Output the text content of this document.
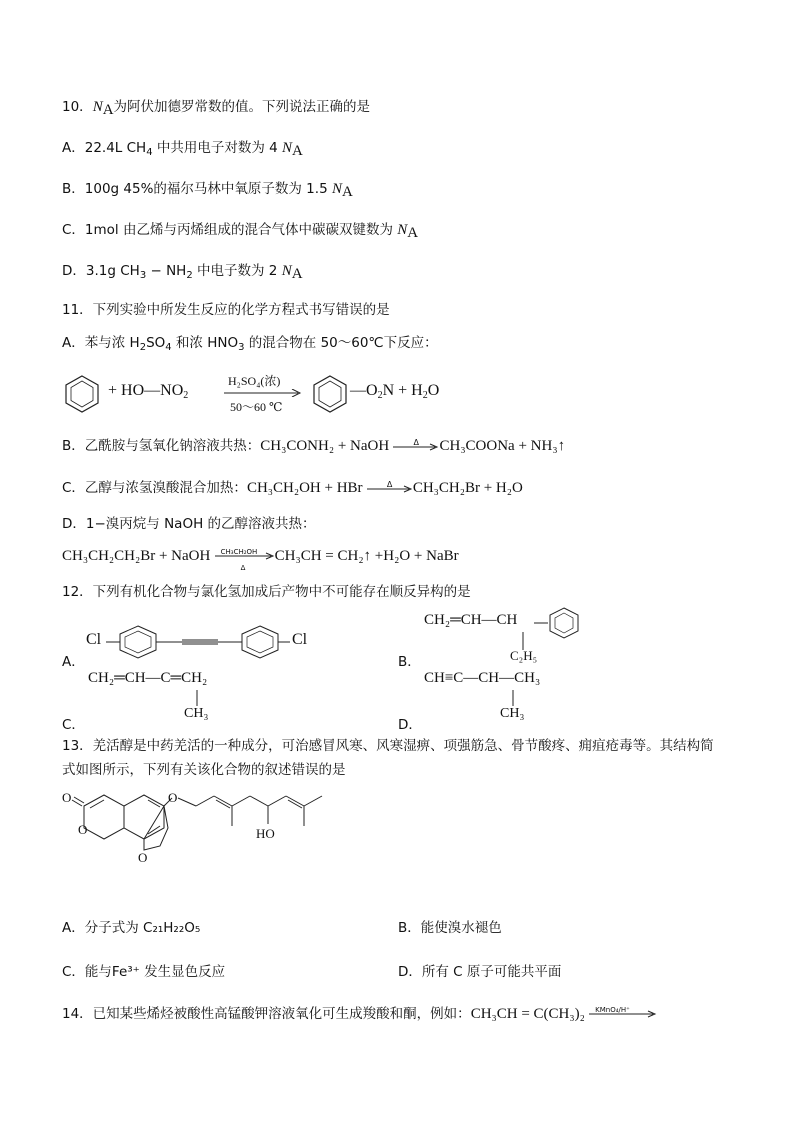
10．$N_A$为阿伏加德罗常数的值。下列说法正确的是
A．22.4L $CH_4$ 中共用电子对数为 4 $N_A$
B．100g 45%的福尔马林中氧原子数为 1.5 $N_A$
C．1mol 由乙烯与丙烯组成的混合气体中碳碳双键数为 $N_A$
D．3.1g $CH_3 - NH_2$ 中电子数为 2 $N_A$
11．下列实验中所发生反应的化学方程式书写错误的是
A．苯与浓 $H_2SO_4$ 和浓 $HNO_3$ 的混合物在 50～60℃下反应：
+ $HO—NO_2$
H₂SO₄(浓)
50～60 ℃
$—O_2N + H_2O$
B．乙酰胺与氢氧化钠溶液共热：CH₃CONH₂ + NaOH	Δ CH₃COONa + NH₃↑
C．乙醇与浓氢溴酸混合加热：CH₃CH₂OH + HBr	Δ CH₃CH₂Br + H₂O
D．1−溴丙烷与 NaOH 的乙醇溶液共热：
CH₃CH₂CH₂Br + NaOH CH₃CH₂OH
Δ
CH₃CH = CH₂↑ +H₂O + NaBr
12．下列有机化合物与氯化氢加成后产物中不可能存在顺反异构的是
A．
Cl	Cl
B．
CH₂═CH—CH
C₂H₅
CH₂═CH—C═CH₂
CH₃
C．
CH≡C—CH—CH₃
CH₃
D．
13．羌活醇是中药羌活的一种成分，可治感冒风寒、风寒湿痹、项强筋急、骨节酸疼、痈疽疮毒等。其结构简
式如图所示，下列有关该化合物的叙述错误的是
O
O
O
O
HO
A．分子式为 C₂₁H₂₂O₅	B．能使溴水褪色
C．能与Fe³⁺ 发生显色反应	D．所有 C 原子可能共平面
14．已知某些烯烃被酸性高锰酸钾溶液氧化可生成羧酸和酮，例如：CH₃CH = C(CH₃)₂ KMnO₄/H⁺
